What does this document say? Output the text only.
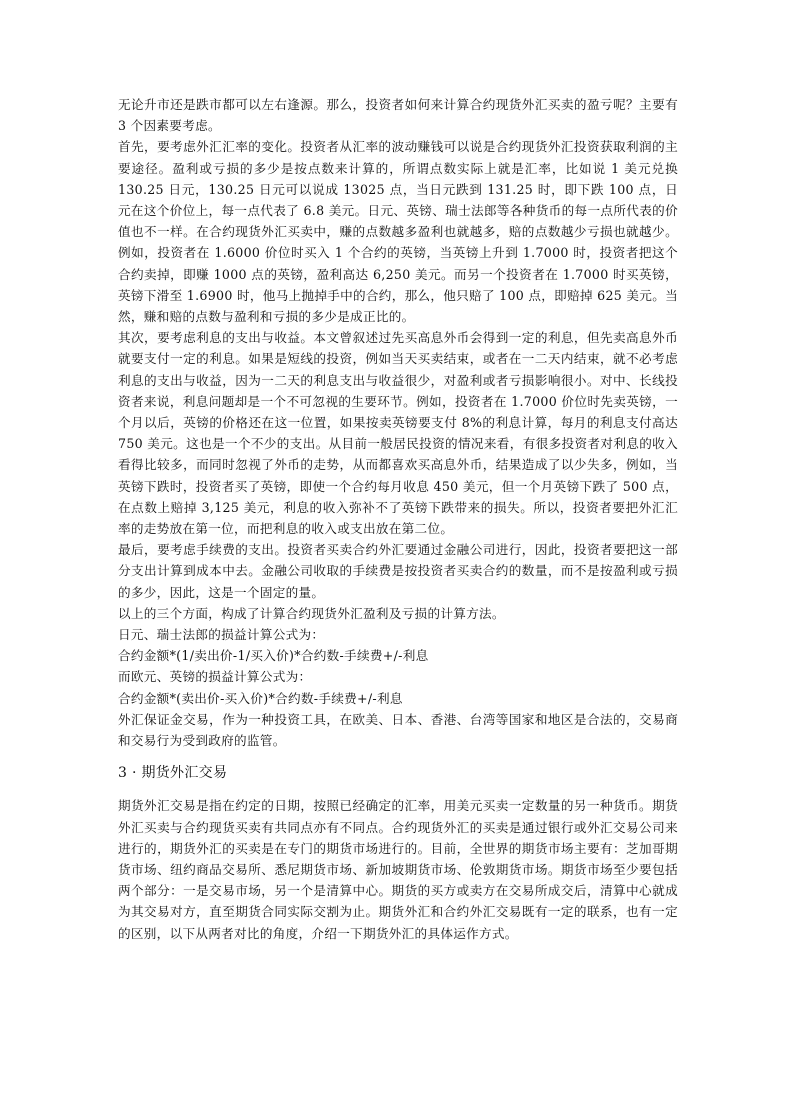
无论升市还是跌市都可以左右逢源。那么，投资者如何来计算合约现货外汇买卖的盈亏呢？主要有 3 个因素要考虑。

首先，要考虑外汇汇率的变化。投资者从汇率的波动赚钱可以说是合约现货外汇投资获取利润的主要途径。盈利或亏损的多少是按点数来计算的，所谓点数实际上就是汇率，比如说 1 美元兑换 130.25 日元，130.25 日元可以说成 13025 点，当日元跌到 131.25 时，即下跌 100 点，日元在这个价位上，每一点代表了 6.8 美元。日元、英镑、瑞士法郎等各种货币的每一点所代表的价值也不一样。在合约现货外汇买卖中，赚的点数越多盈利也就越多，赔的点数越少亏损也就越少。例如，投资者在 1.6000 价位时买入 1 个合约的英镑，当英镑上升到 1.7000 时，投资者把这个合约卖掉，即赚 1000 点的英镑，盈利高达 6,250 美元。而另一个投资者在 1.7000 时买英镑，英镑下滑至 1.6900 时，他马上抛掉手中的合约，那么，他只赔了 100 点，即赔掉 625 美元。当然，赚和赔的点数与盈利和亏损的多少是成正比的。

其次，要考虑利息的支出与收益。本文曾叙述过先买高息外币会得到一定的利息，但先卖高息外币就要支付一定的利息。如果是短线的投资，例如当天买卖结束，或者在一二天内结束，就不必考虑利息的支出与收益，因为一二天的利息支出与收益很少，对盈利或者亏损影响很小。对中、长线投资者来说，利息问题却是一个不可忽视的生要环节。例如，投资者在 1.7000 价位时先卖英镑，一个月以后，英镑的价格还在这一位置，如果按卖英镑要支付 8%的利息计算，每月的利息支付高达 750 美元。这也是一个不少的支出。从目前一般居民投资的情况来看，有很多投资者对利息的收入看得比较多，而同时忽视了外币的走势，从而都喜欢买高息外币，结果造成了以少失多，例如，当英镑下跌时，投资者买了英镑，即使一个合约每月收息 450 美元，但一个月英镑下跌了 500 点，在点数上赔掉 3,125 美元，利息的收入弥补不了英镑下跌带来的损失。所以，投资者要把外汇汇率的走势放在第一位，而把利息的收入或支出放在第二位。

最后，要考虑手续费的支出。投资者买卖合约外汇要通过金融公司进行，因此，投资者要把这一部分支出计算到成本中去。金融公司收取的手续费是按投资者买卖合约的数量，而不是按盈利或亏损的多少，因此，这是一个固定的量。

以上的三个方面，构成了计算合约现货外汇盈利及亏损的计算方法。

日元、瑞士法郎的损益计算公式为：

合约金额*(1/卖出价-1/买入价)*合约数-手续费+/-利息

而欧元、英镑的损益计算公式为：

合约金额*(卖出价-买入价)*合约数-手续费+/-利息

外汇保证金交易，作为一种投资工具，在欧美、日本、香港、台湾等国家和地区是合法的，交易商和交易行为受到政府的监管。

3 · 期货外汇交易

期货外汇交易是指在约定的日期，按照已经确定的汇率，用美元买卖一定数量的另一种货币。期货外汇买卖与合约现货买卖有共同点亦有不同点。合约现货外汇的买卖是通过银行或外汇交易公司来进行的，期货外汇的买卖是在专门的期货市场进行的。目前，全世界的期货市场主要有：芝加哥期货市场、纽约商品交易所、悉尼期货市场、新加坡期货市场、伦敦期货市场。期货市场至少要包括两个部分：一是交易市场，另一个是清算中心。期货的买方或卖方在交易所成交后，清算中心就成为其交易对方，直至期货合同实际交割为止。期货外汇和合约外汇交易既有一定的联系，也有一定的区别，以下从两者对比的角度，介绍一下期货外汇的具体运作方式。
